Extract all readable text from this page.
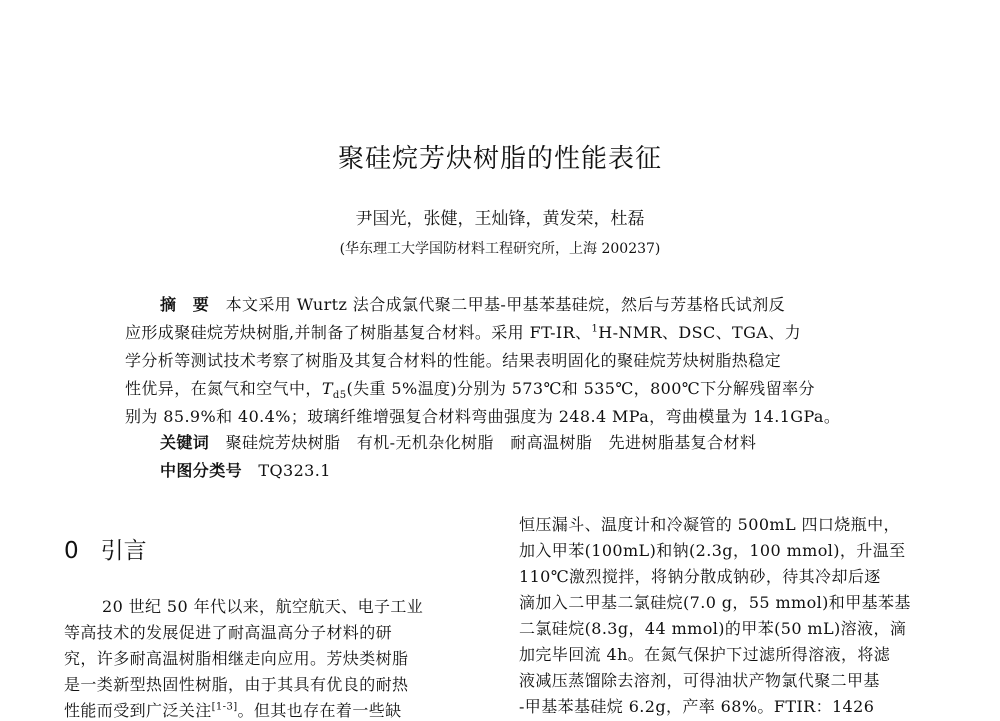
聚硅烷芳炔树脂的性能表征
尹国光，张健，王灿锋，黄发荣，杜磊
(华东理工大学国防材料工程研究所，上海 200237)
摘　要　 本文采用 Wurtz 法合成氯代聚二甲基-甲基苯基硅烷，然后与芳基格氏试剂反
应形成聚硅烷芳炔树脂,并制备了树脂基复合材料。采用 FT-IR、$^1$H-NMR、DSC、TGA、力
学分析等测试技术考察了树脂及其复合材料的性能。结果表明固化的聚硅烷芳炔树脂热稳定
性优异，在氮气和空气中，$T_{d5}$(失重 5%温度)分别为 573℃和 535℃，800℃下分解残留率分
别为 85.9%和 40.4%；玻璃纤维增强复合材料弯曲强度为 248.4 MPa，弯曲模量为 14.1GPa。
关键词　 聚硅烷芳炔树脂　有机-无机杂化树脂　耐高温树脂　先进树脂基复合材料
中图分类号　 TQ323.1
0 引言
20 世纪 50 年代以来，航空航天、电子工业
等高技术的发展促进了耐高温高分子材料的研
究，许多耐高温树脂相继走向应用。芳炔类树脂
是一类新型热固性树脂，由于其具有优良的耐热
性能而受到广泛关注[1-3]。但其也存在着一些缺
恒压漏斗、温度计和冷凝管的 500mL 四口烧瓶中，
加入甲苯(100mL)和钠(2.3g，100 mmol)，升温至
110℃激烈搅拌，将钠分散成钠砂，待其冷却后逐
滴加入二甲基二氯硅烷(7.0 g，55 mmol)和甲基苯基
二氯硅烷(8.3g，44 mmol)的甲苯(50 mL)溶液，滴
加完毕回流 4h。在氮气保护下过滤所得溶液，将滤
液减压蒸馏除去溶剂，可得油状产物氯代聚二甲基
-甲基苯基硅烷 6.2g，产率 68%。FTIR：1426
